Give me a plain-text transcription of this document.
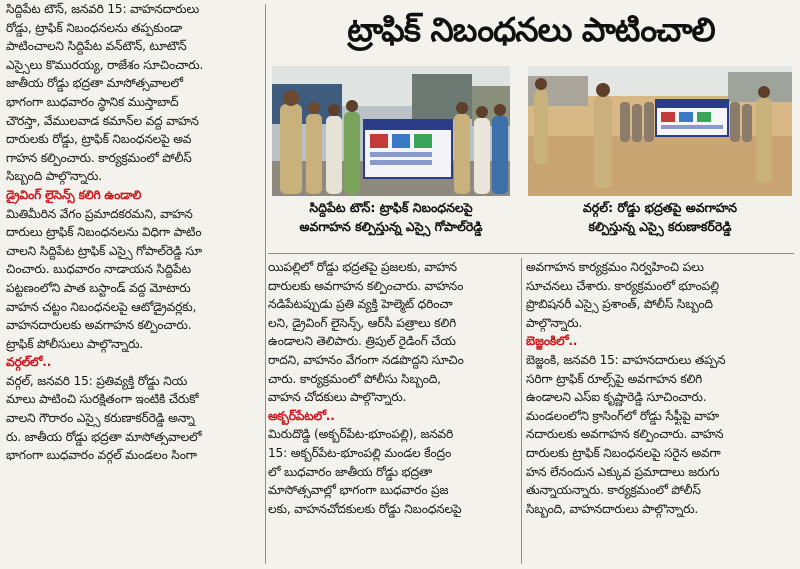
సిద్దిపేట టౌన్, జనవరి 15: వాహనదారులు
రోడ్డు, ట్రాఫిక్ నిబంధనలను తప్పకుండా
పాటించాలని సిద్దిపేట వన్‌టౌన్, టూటౌన్
ఎస్సైలు కొమురయ్య, రాజేశం సూచించారు.
జాతీయ రోడ్డు భద్రతా మాసోత్సవాలలో
భాగంగా బుధవారం స్థానిక ముస్తాబాద్
చౌరస్తా, వేములవాడ కమాన్‌ల వద్ద వాహన
దారులకు రోడ్డు, ట్రాఫిక్ నిబంధనలపై అవ
గాహన కల్పించారు. కార్యక్రమంలో పోలీస్
సిబ్బంది పాల్గొన్నారు.
డ్రైవింగ్ లైసెన్స్ కలిగి ఉండాలి
మితిమీరిన వేగం ప్రమాదకరమని, వాహన
దారులు ట్రాఫిక్ నిబంధనలను విధిగా పాటిం
చాలని సిద్దిపేట ట్రాఫిక్ ఎస్సై గోపాల్‌రెడ్డి సూ
చించారు. బుధవారం నాడాయన సిద్దిపేట
పట్టణంలోని పాత బస్టాండ్ వద్ద మోటారు
వాహన చట్టం నిబంధనలపై ఆటోడ్రైవర్లకు,
వాహనదారులకు అవగాహన కల్పించారు.
ట్రాఫిక్ పోలీసులు పాల్గొన్నారు.
వర్గల్‌లో..
వర్గల్, జనవరి 15: ప్రతివ్యక్తి రోడ్డు నియ
మాలు పాటించి సురక్షితంగా ఇంటికి చేరుకో
వాలని గౌరారం ఎస్సై కరుణాకర్‌రెడ్డి అన్నా
రు. జాతీయ రోడ్డు భద్రతా మాసోత్సవాలలో
భాగంగా బుధవారం వర్గల్ మండలం సింగా
ట్రాఫిక్ నిబంధనలు పాటించాలి
సిద్దిపేట టౌన్: ట్రాఫిక్ నిబంధనలపై
అవగాహన కల్పిస్తున్న ఎస్సై గోపాల్‌రెడ్డి
వర్గల్: రోడ్డు భద్రతపై అవగాహన
కల్పిస్తున్న ఎస్సై కరుణాకర్‌రెడ్డి
యిపల్లిలో రోడ్డు భద్రతపై ప్రజలకు, వాహన
దారులకు అవగాహన కల్పించారు. వాహనం
నడిపేటప్పుడు ప్రతి వ్యక్తి హెల్మెట్ ధరించా
లని, డ్రైవింగ్ లైసెన్స్, ఆర్‌సీ పత్రాలు కలిగి
ఉండాలని తెలిపారు. త్రిపుల్ రైడింగ్ చేయ
రాదని, వాహనం వేగంగా నడపొద్దని సూచిం
చారు. కార్యక్రమంలో పోలీసు సిబ్బంది,
వాహన చోదకులు పాల్గొన్నారు.
అక్బర్‌పేటలో..
మిరుదొడ్డి (అక్బర్‌పేట-భూంపల్లి), జనవరి
15: అక్బర్‌పేట-భూంపల్లి మండల కేంద్రం
లో బుధవారం జాతీయ రోడ్డు భద్రతా
మాసోత్సవాల్లో భాగంగా బుధవారం ప్రజ
లకు, వాహనచోదకులకు రోడ్డు నిబంధనలపై
అవగాహన కార్యక్రమం నిర్వహించి పలు
సూచనలు చేశారు. కార్యక్రమంలో భూంపల్లి
ప్రొబిషనరీ ఎస్సై ప్రశాంత్, పోలీస్ సిబ్బంది
పాల్గొన్నారు.
బెజ్జంకిలో..
బెజ్జంకి, జనవరి 15: వాహనదారులు తప్పన
సరిగా ట్రాఫిక్ రూల్స్‌పై అవగాహన కలిగి
ఉండాలని ఎస్ఐ కృష్ణారెడ్డి సూచించారు.
మండలంలోని క్రాసింగ్‌లో రోడ్డు సేఫ్టీపై వాహ
నదారులకు అవగాహన కల్పించారు. వాహన
దారులకు ట్రాఫిక్ నిబంధనలపై సరైన అవగా
హన లేనందున ఎక్కువ ప్రమాదాలు జరుగు
తున్నాయన్నారు. కార్యక్రమంలో పోలీస్
సిబ్బంది, వాహనదారులు పాల్గొన్నారు.
